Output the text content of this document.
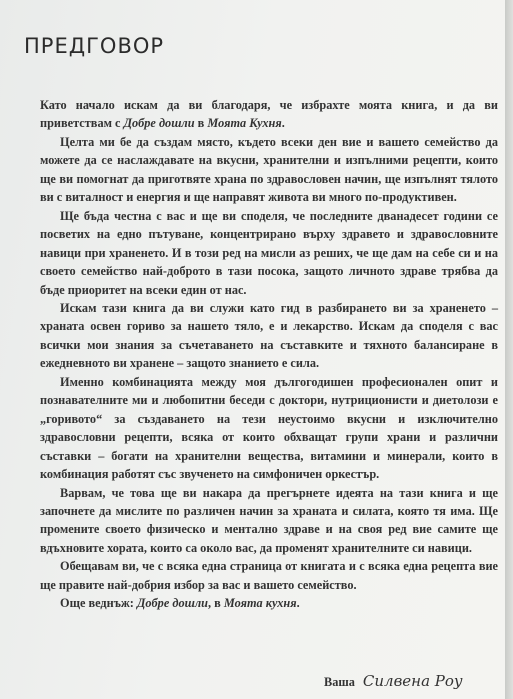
ПРЕДГОВОР

Като начало искам да ви благодаря, че избрахте моята книга, и да ви приветствам с Добре дошли в Моята Кухня.

Целта ми бе да създам място, където всеки ден вие и вашето семейство да можете да се наслаждавате на вкусни, хранителни и изпълними рецепти, които ще ви помогнат да приготвяте храна по здравословен начин, ще изпълнят тялото ви с виталност и енергия и ще направят живота ви много по-продуктивен.

Ще бъда честна с вас и ще ви споделя, че последните дванадесет години се посветих на едно пътуване, концентрирано върху здравето и здравословните навици при храненето. И в този ред на мисли аз реших, че ще дам на себе си и на своето семейство най-доброто в тази посока, защото личното здраве трябва да бъде приоритет на всеки един от нас.

Искам тази книга да ви служи като гид в разбирането ви за храненето – храната освен гориво за нашето тяло, е и лекарство. Искам да споделя с вас всички мои знания за съчетаването на съставките и тяхното балансиране в ежедневното ви хранене – защото знанието е сила.

Именно комбинацията между моя дългогодишен професионален опит и познавателните ми и любопитни беседи с доктори, нутриционисти и диетолози е „горивото“ за създаването на тези неустоимо вкусни и изключително здравословни рецепти, всяка от които обхващат групи храни и различни съставки – богати на хранителни вещества, витамини и минерали, които в комбинация работят със звученето на симфоничен оркестър.

Варвам, че това ще ви накара да прегърнете идеята на тази книга и ще започнете да мислите по различен начин за храната и силата, която тя има. Ще промените своето физическо и ментално здраве и на своя ред вие самите ще вдъхновите хората, които са около вас, да променят хранителните си навици.

Обещавам ви, че с всяка една страница от книгата и с всяка една рецепта вие ще правите най-добрия избор за вас и вашето семейство.

Още веднъж: Добре дошли, в Моята кухня.

Ваша Силвена Роу
